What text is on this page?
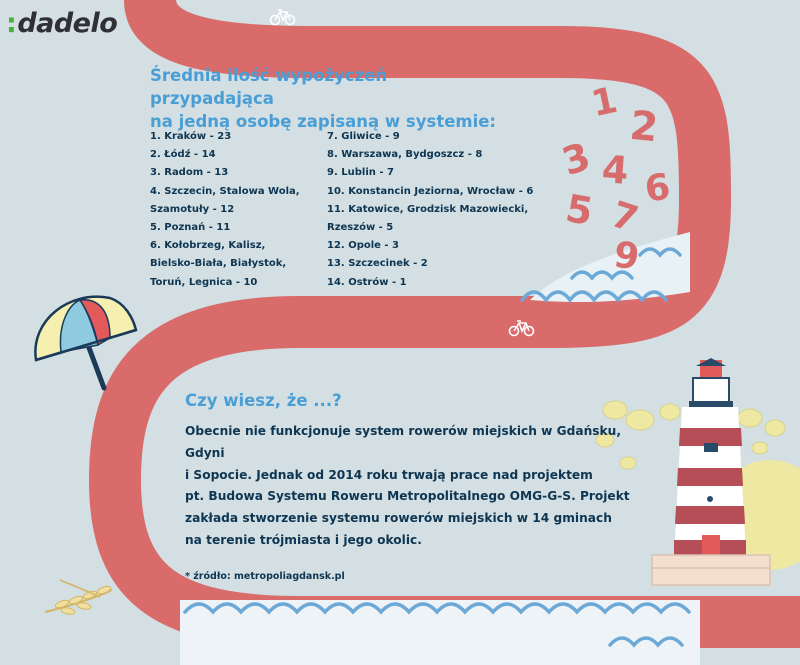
:dadelo
Średnia ilość wypożyczeń przypadająca
na jedną osobę zapisaną w systemie:
1. Kraków - 23
2. Łódź - 14
3. Radom - 13
4. Szczecin, Stalowa Wola,
Szamotuły - 12
5. Poznań - 11
6. Kołobrzeg, Kalisz,
Bielsko-Biała, Białystok,
Toruń, Legnica - 10
7. Gliwice - 9
8. Warszawa, Bydgoszcz - 8
9. Lublin - 7
10. Konstancin Jeziorna, Wrocław - 6
11. Katowice, Grodzisk Mazowiecki,
Rzeszów - 5
12. Opole - 3
13. Szczecinek - 2
14. Ostrów - 1
1
2
3 4 6
5 7
9
Czy wiesz, że ...?
Obecnie nie funkcjonuje system rowerów miejskich w Gdańsku, Gdyni
i Sopocie. Jednak od 2014 roku trwają prace nad projektem
pt. Budowa Systemu Roweru Metropolitalnego OMG-G-S. Projekt
zakłada stworzenie systemu rowerów miejskich w 14 gminach
na terenie trójmiasta i jego okolic.
* źródło: metropoliagdansk.pl
